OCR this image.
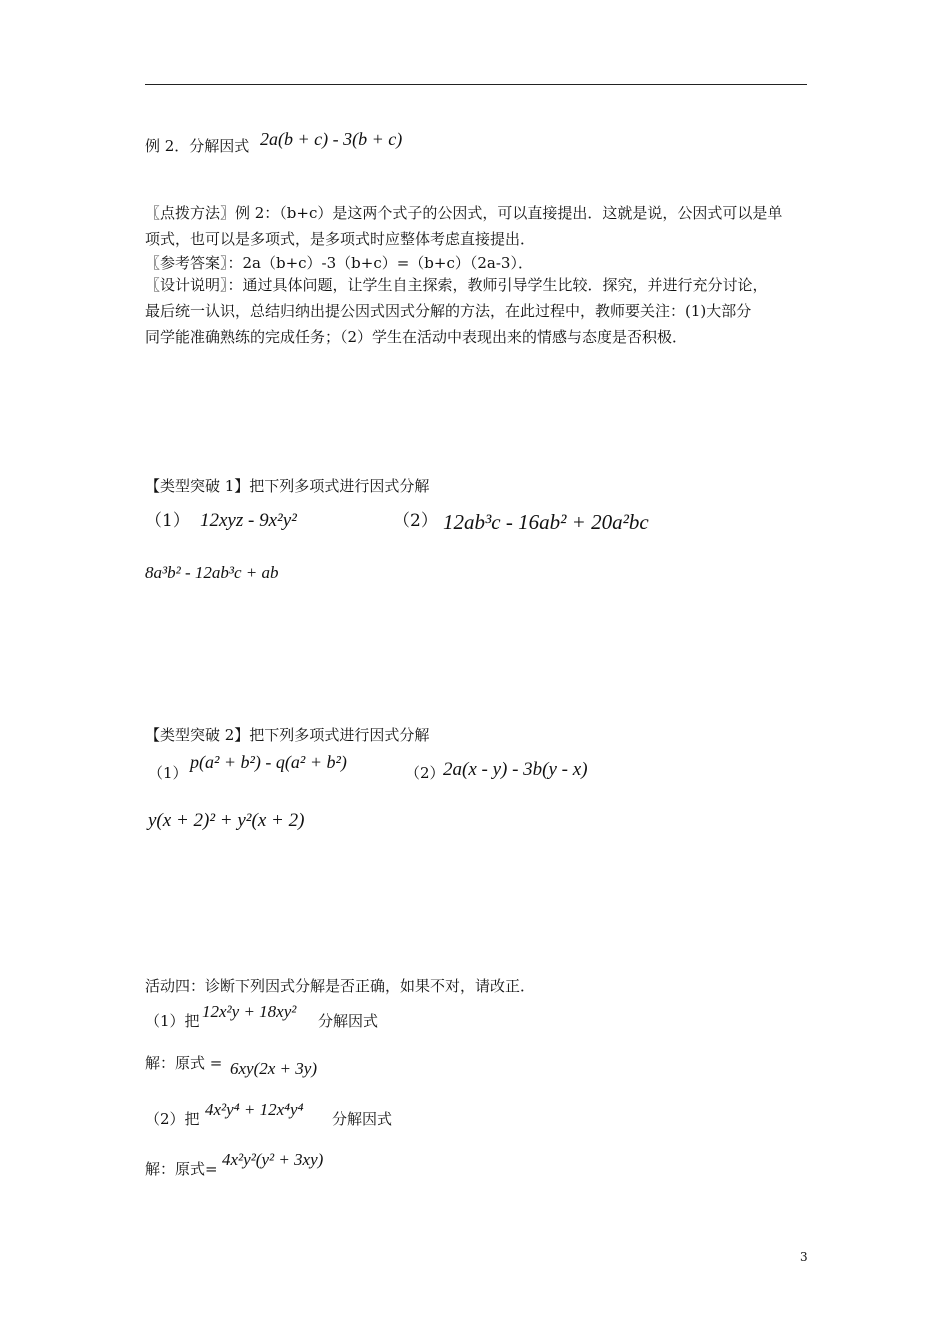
例 2．分解因式 2a(b + c) - 3(b + c)

〖点拨方法〗例 2：（b+c）是这两个式子的公因式，可以直接提出．这就是说，公因式可以是单

项式，也可以是多项式，是多项式时应整体考虑直接提出．

〖参考答案〗：2a（b+c）-3（b+c）=（b+c）（2a-3）．

〖设计说明〗：通过具体问题，让学生自主探索，教师引导学生比较．探究，并进行充分讨论，

最后统一认识，总结归纳出提公因式因式分解的方法，在此过程中，教师要关注：(1)大部分

同学能准确熟练的完成任务；（2）学生在活动中表现出来的情感与态度是否积极．

【类型突破 1】把下列多项式进行因式分解
（1） 12xyz - 9x²y²	（2） 12ab³c - 16ab² + 20a²bc
8a³b² - 12ab³c + ab
【类型突破 2】把下列多项式进行因式分解
（1）
p(a² + b²) - q(a² + b²)
（2）
2a(x - y) - 3b(y - x)
y(x + 2)² + y²(x + 2)
活动四：诊断下列因式分解是否正确，如果不对，请改正．
（1）把 12x²y + 18xy² 分解因式
解：原式 = 6xy(2x + 3y)
（2）把 4x²y⁴ + 12x⁴y⁴ 分解因式
解：原式= 4x²y²(y² + 3xy)
3
